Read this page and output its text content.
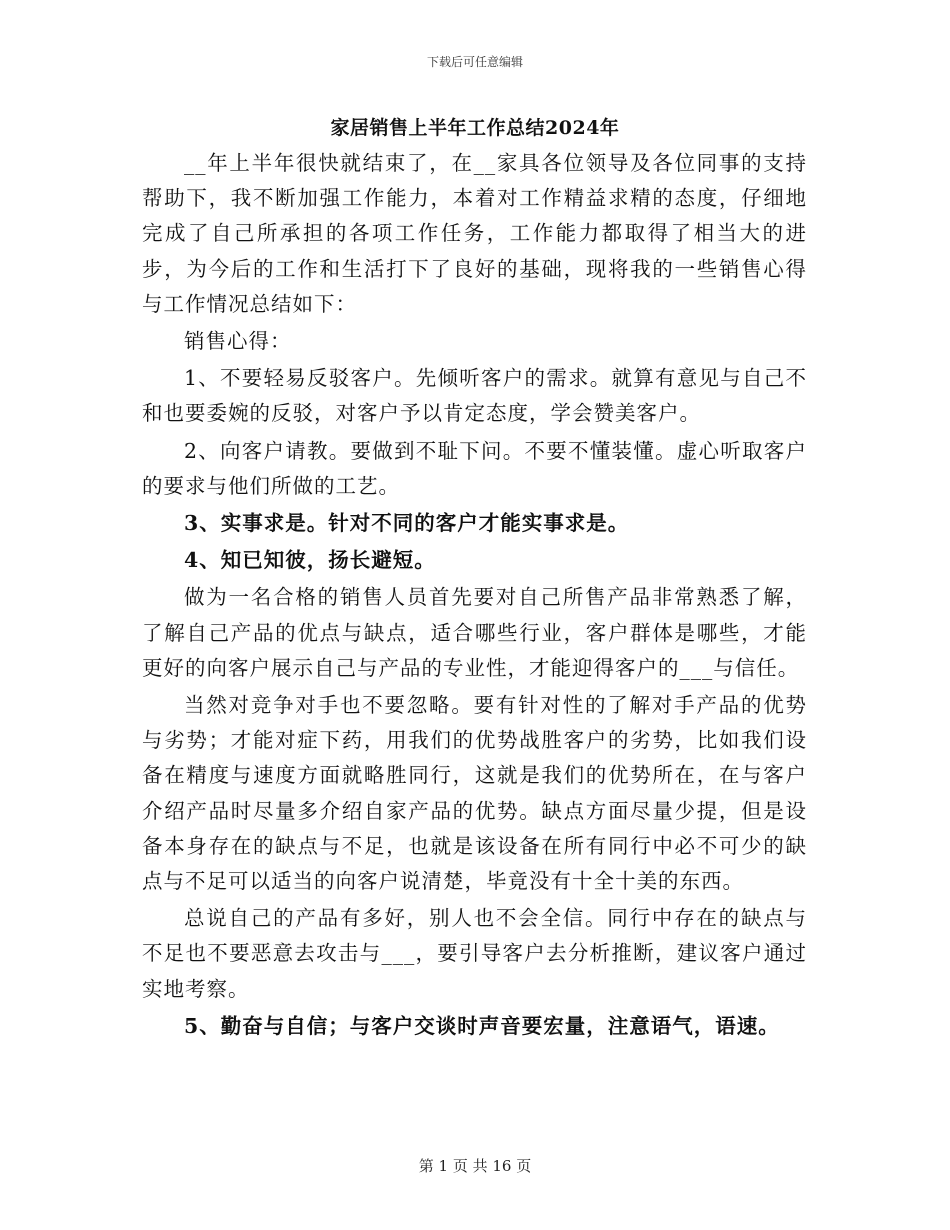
下载后可任意编辑
家居销售上半年工作总结2024年

__年上半年很快就结束了，在__家具各位领导及各位同事的支持帮助下，我不断加强工作能力，本着对工作精益求精的态度，仔细地完成了自己所承担的各项工作任务，工作能力都取得了相当大的进步，为今后的工作和生活打下了良好的基础，现将我的一些销售心得与工作情况总结如下：

销售心得：

1、不要轻易反驳客户。先倾听客户的需求。就算有意见与自己不和也要委婉的反驳，对客户予以肯定态度，学会赞美客户。

2、向客户请教。要做到不耻下问。不要不懂装懂。虚心听取客户的要求与他们所做的工艺。

3、实事求是。针对不同的客户才能实事求是。

4、知已知彼，扬长避短。

做为一名合格的销售人员首先要对自己所售产品非常熟悉了解，了解自己产品的优点与缺点，适合哪些行业，客户群体是哪些，才能更好的向客户展示自己与产品的专业性，才能迎得客户的___与信任。

当然对竞争对手也不要忽略。要有针对性的了解对手产品的优势与劣势；才能对症下药，用我们的优势战胜客户的劣势，比如我们设备在精度与速度方面就略胜同行，这就是我们的优势所在，在与客户介绍产品时尽量多介绍自家产品的优势。缺点方面尽量少提，但是设备本身存在的缺点与不足，也就是该设备在所有同行中必不可少的缺点与不足可以适当的向客户说清楚，毕竟没有十全十美的东西。

总说自己的产品有多好，别人也不会全信。同行中存在的缺点与不足也不要恶意去攻击与___，要引导客户去分析推断，建议客户通过实地考察。

5、勤奋与自信；与客户交谈时声音要宏量，注意语气，语速。

第 1 页 共 16 页
